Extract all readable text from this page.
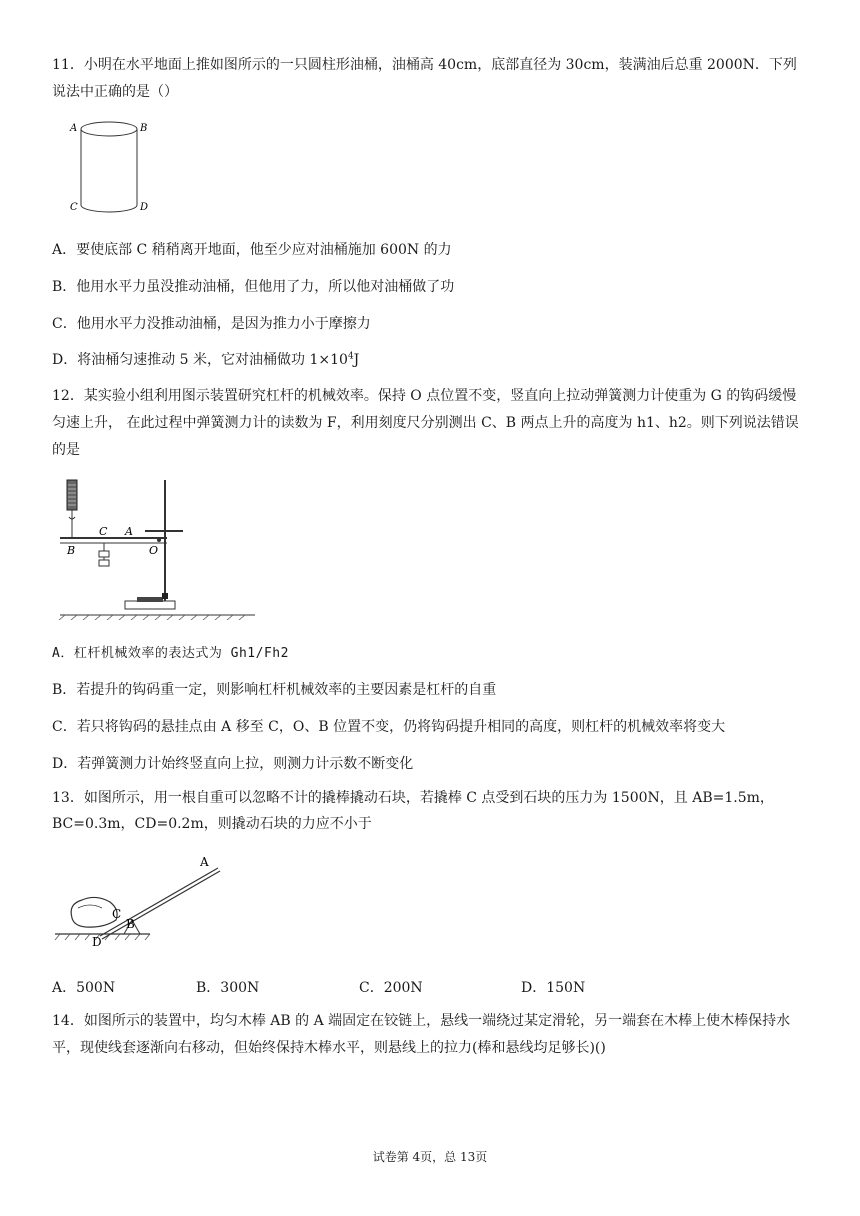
11．小明在水平地面上推如图所示的一只圆柱形油桶，油桶高 40cm，底部直径为 30cm，装满油后总重 2000N．下列说法中正确的是（）
A	B
C	D
A．要使底部 C 稍稍离开地面，他至少应对油桶施加 600N 的力
B．他用水平力虽没推动油桶，但他用了力，所以他对油桶做了功
C．他用水平力没推动油桶，是因为推力小于摩擦力
D．将油桶匀速推动 5 米，它对油桶做功 $1\times 10^4J$
12．某实验小组利用图示装置研究杠杆的机械效率。保持 O 点位置不变，竖直向上拉动弹簧测力计使重为 G 的钩码缓慢匀速上升， 在此过程中弹簧测力计的读数为 F，利用刻度尺分别测出 C、B 两点上升的高度为 h1、h2。则下列说法错误的是
C A
B	O
A．杠杆机械效率的表达式为 Gh1/Fh2
B．若提升的钩码重一定，则影响杠杆机械效率的主要因素是杠杆的自重
C．若只将钩码的悬挂点由 A 移至 C，O、B 位置不变，仍将钩码提升相同的高度，则杠杆的机械效率将变大
D．若弹簧测力计始终竖直向上拉，则测力计示数不断变化
13．如图所示，用一根自重可以忽略不计的撬棒撬动石块，若撬棒 C 点受到石块的压力为 1500N，且 AB=1.5m，
BC=0.3m，CD=0.2m，则撬动石块的力应不小于
A
C
B
D
A．500N	B．300N	C．200N	D．150N
14．如图所示的装置中，均匀木棒 AB 的 A 端固定在铰链上，悬线一端绕过某定滑轮，另一端套在木棒上使木棒保持水平，现使线套逐渐向右移动，但始终保持木棒水平，则悬线上的拉力(棒和悬线均足够长)()
试卷第 4页，总 13页
